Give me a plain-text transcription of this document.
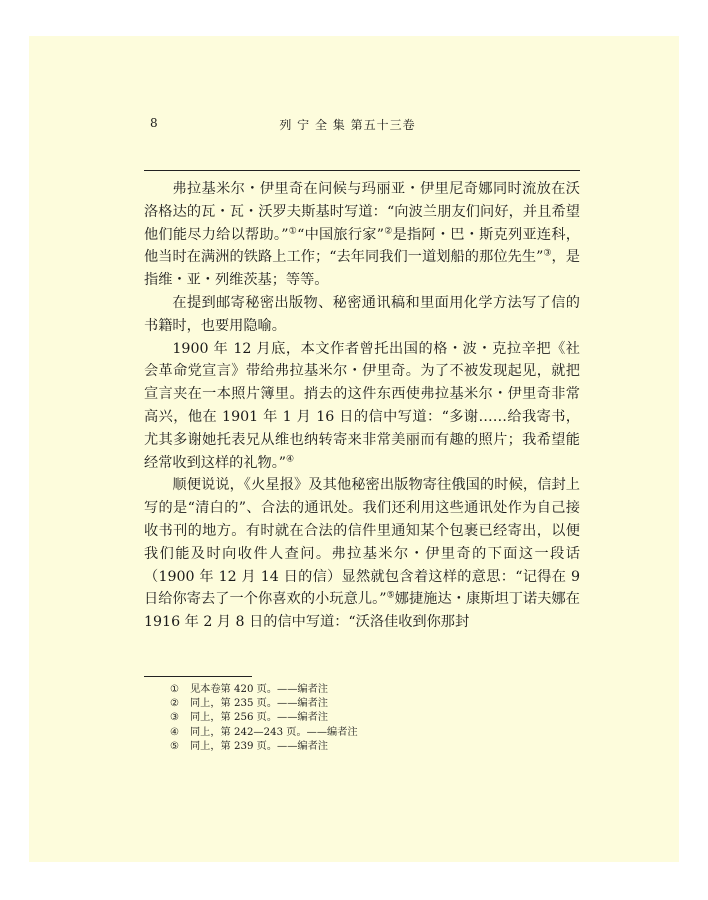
8	列 宁 全 集 第五十三卷

弗拉基米尔・伊里奇在问候与玛丽亚・伊里尼奇娜同时流放在沃洛格达的瓦・瓦・沃罗夫斯基时写道：“向波兰朋友们问好，并且希望他们能尽力给以帮助。”①“中国旅行家”②是指阿・巴・斯克列亚连科，他当时在满洲的铁路上工作；“去年同我们一道划船的那位先生”③，是指维・亚・列维茨基；等等。

在提到邮寄秘密出版物、秘密通讯稿和里面用化学方法写了信的书籍时，也要用隐喻。

1900 年 12 月底，本文作者曾托出国的格・波・克拉辛把《社会革命党宣言》带给弗拉基米尔・伊里奇。为了不被发现起见，就把宣言夹在一本照片簿里。捎去的这件东西使弗拉基米尔・伊里奇非常高兴，他在 1901 年 1 月 16 日的信中写道：“多谢……给我寄书，尤其多谢她托表兄从维也纳转寄来非常美丽而有趣的照片；我希望能经常收到这样的礼物。”④

顺便说说，《火星报》及其他秘密出版物寄往俄国的时候，信封上写的是“清白的”、合法的通讯处。我们还利用这些通讯处作为自己接收书刊的地方。有时就在合法的信件里通知某个包裹已经寄出，以便我们能及时向收件人查问。弗拉基米尔・伊里奇的下面这一段话（1900 年 12 月 14 日的信）显然就包含着这样的意思：“记得在 9 日给你寄去了一个你喜欢的小玩意儿。”⑤娜捷施达・康斯坦丁诺夫娜在 1916 年 2 月 8 日的信中写道：“沃洛佳收到你那封

①	见本卷第 420 页。——编者注
②	同上，第 235 页。——编者注
③	同上，第 256 页。——编者注
④	同上，第 242—243 页。——编者注
⑤	同上，第 239 页。——编者注
